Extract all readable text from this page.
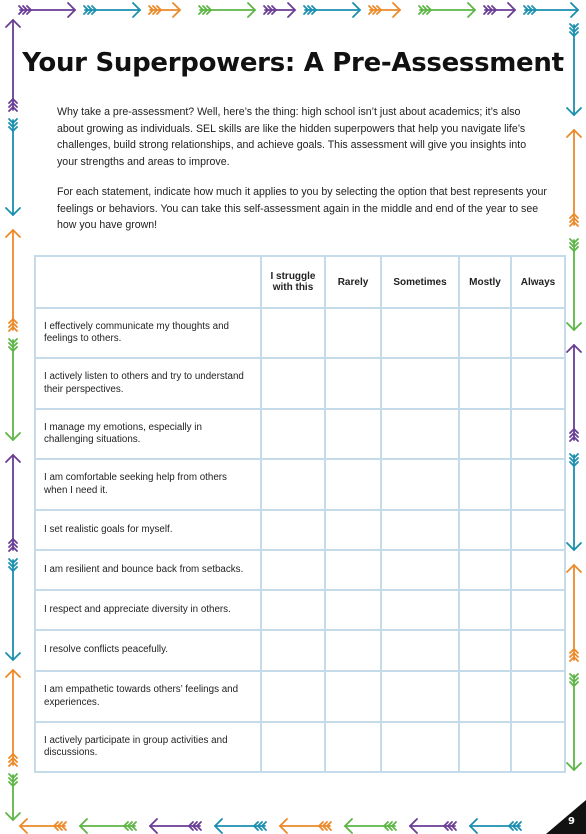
Your Superpowers: A Pre-Assessment

Why take a pre-assessment? Well, here’s the thing: high school isn’t just about academics; it’s also about growing as individuals. SEL skills are like the hidden superpowers that help you navigate life’s challenges, build strong relationships, and achieve goals. This assessment will give you insights into your strengths and areas to improve.

For each statement, indicate how much it applies to you by selecting the option that best represents your feelings or behaviors. You can take this self-assessment again in the middle and end of the year to see how you have grown!

	I struggle with this	Rarely	Sometimes	Mostly	Always
I effectively communicate my thoughts and feelings to others.					
I actively listen to others and try to understand their perspectives.					
I manage my emotions, especially in challenging situations.					
I am comfortable seeking help from others when I need it.					
I set realistic goals for myself.					
I am resilient and bounce back from setbacks.					
I respect and appreciate diversity in others.					
I resolve conflicts peacefully.					
I am empathetic towards others’ feelings and experiences.					
I actively participate in group activities and discussions.					
9
